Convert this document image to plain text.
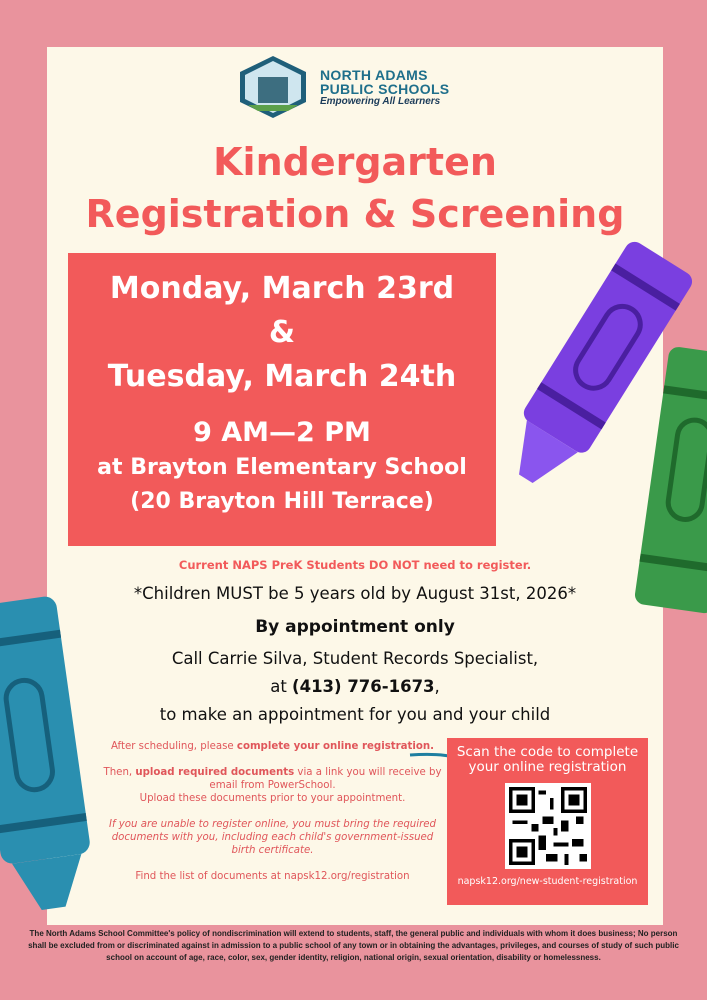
NORTH ADAMS
PUBLIC SCHOOLS
Empowering All Learners
Kindergarten
Registration & Screening
Monday, March 23rd
&
Tuesday, March 24th
9 AM—2 PM
at Brayton Elementary School
(20 Brayton Hill Terrace)
Current NAPS PreK Students DO NOT need to register.
*Children MUST be 5 years old by August 31st, 2026*
By appointment only
Call Carrie Silva, Student Records Specialist,
at (413) 776-1673,
to make an appointment for you and your child

After scheduling, please complete your online registration.

Then, upload required documents via a link you will receive by email from PowerSchool.
Upload these documents prior to your appointment.

If you are unable to register online, you must bring the required documents with you, including each child's government-issued birth certificate.

Find the list of documents at napsk12.org/registration

Scan the code to complete your online registration
napsk12.org/new-student-registration
The North Adams School Committee's policy of nondiscrimination will extend to students, staff, the general public and individuals with whom it does business; No person shall be excluded from or discriminated against in admission to a public school of any town or in obtaining the advantages, privileges, and courses of study of such public school on account of age, race, color, sex, gender identity, religion, national origin, sexual orientation, disability or homelessness.
